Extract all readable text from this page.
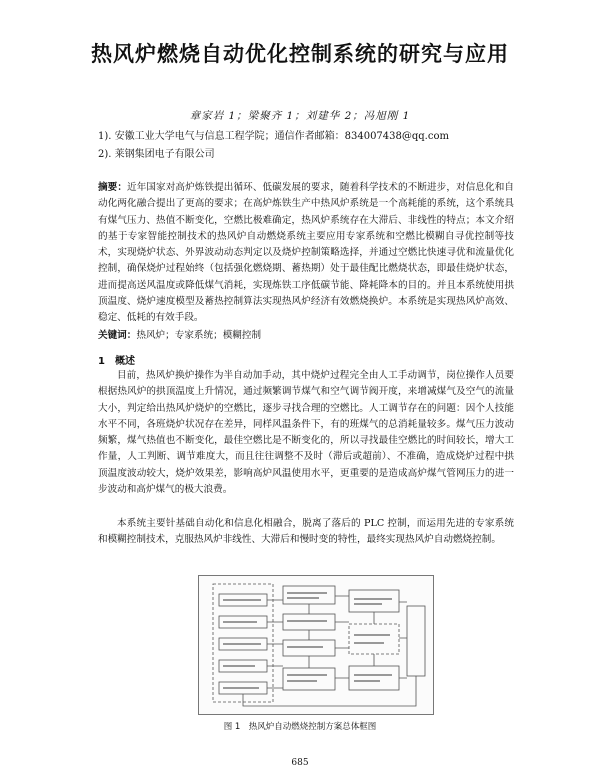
热风炉燃烧自动优化控制系统的研究与应用
章家岩 1；梁聚齐 1；刘建华 2；冯旭刚 1
1). 安徽工业大学电气与信息工程学院；通信作者邮箱：834007438@qq.com
2). 莱钢集团电子有限公司

摘要：近年国家对高炉炼铁提出循环、低碳发展的要求，随着科学技术的不断进步，对信息化和自动化两化融合提出了更高的要求；在高炉炼铁生产中热风炉系统是一个高耗能的系统，这个系统具有煤气压力、热值不断变化，空燃比极难确定，热风炉系统存在大滞后、非线性的特点；本文介绍的基于专家智能控制技术的热风炉自动燃烧系统主要应用专家系统和空燃比模糊自寻优控制等技术，实现烧炉状态、外界波动动态判定以及烧炉控制策略选择，并通过空燃比快速寻优和流量优化控制，确保烧炉过程始终（包括强化燃烧期、蓄热期）处于最佳配比燃烧状态，即最佳烧炉状态，进而提高送风温度或降低煤气消耗，实现炼铁工序低碳节能、降耗降本的目的。并且本系统使用拱顶温度、烧炉速度模型及蓄热控制算法实现热风炉经济有效燃烧换炉。本系统是实现热风炉高效、稳定、低耗的有效手段。

关键词：热风炉；专家系统；模糊控制
1　概述

目前，热风炉换炉操作为半自动加手动，其中烧炉过程完全由人工手动调节，岗位操作人员要根据热风炉的拱顶温度上升情况，通过频繁调节煤气和空气调节阀开度，来增减煤气及空气的流量大小，判定给出热风炉烧炉的空燃比，逐步寻找合理的空燃比。人工调节存在的问题：因个人技能水平不同，各班烧炉状况存在差异，同样风温条件下，有的班煤气的总消耗量较多。煤气压力波动频繁，煤气热值也不断变化，最佳空燃比是不断变化的，所以寻找最佳空燃比的时间较长，增大工作量，人工判断、调节难度大，而且往往调整不及时（滞后或超前）、不准确，造成烧炉过程中拱顶温度波动较大，烧炉效果差，影响高炉风温使用水平，更重要的是造成高炉煤气管网压力的进一步波动和高炉煤气的极大浪费。

本系统主要针基础自动化和信息化相融合，脱离了落后的 PLC 控制，而运用先进的专家系统和模糊控制技术，克服热风炉非线性、大滞后和慢时变的特性，最终实现热风炉自动燃烧控制。

图 1　热风炉自动燃烧控制方案总体框图
685
